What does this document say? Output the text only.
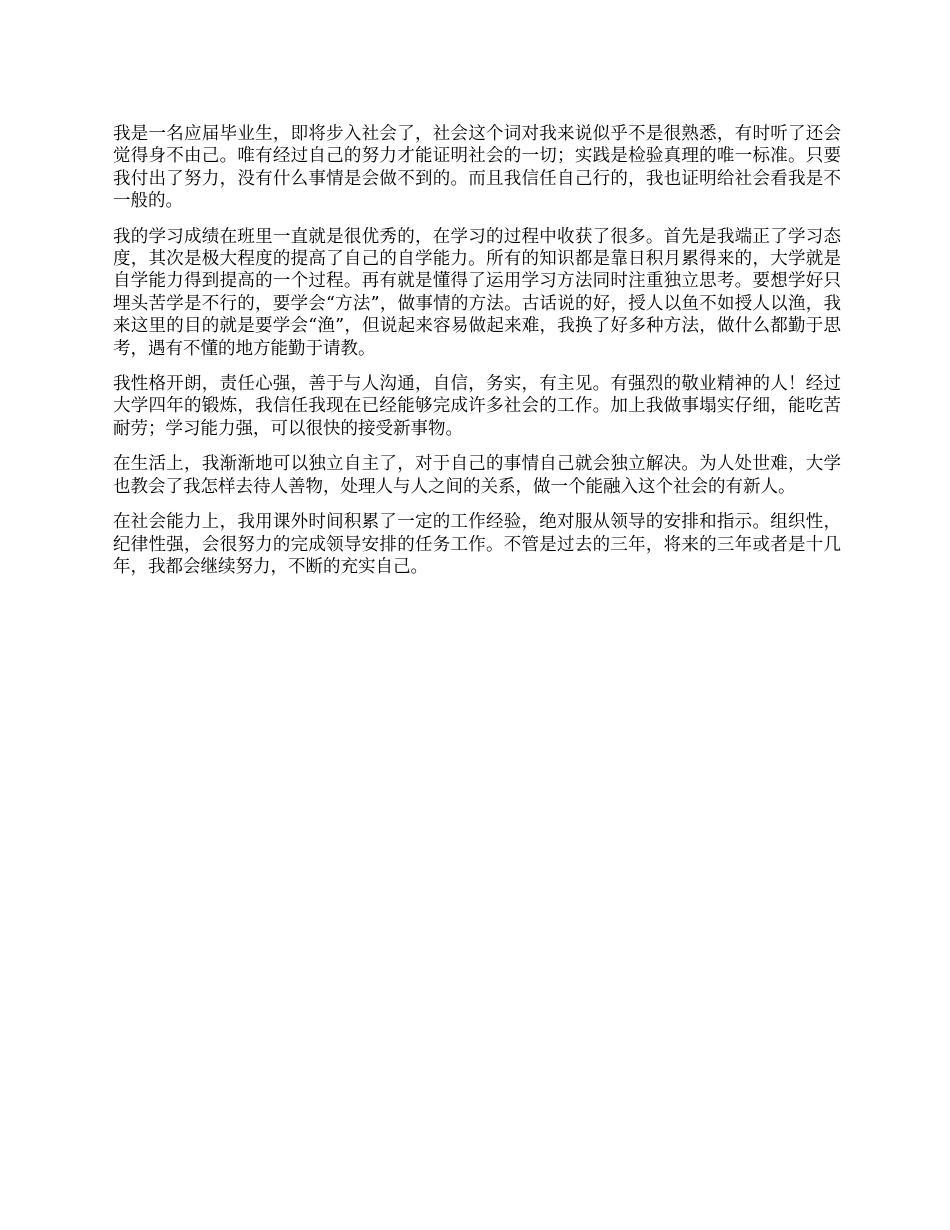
我是一名应届毕业生，即将步入社会了，社会这个词对我来说似乎不是很熟悉，有时听了还会觉得身不由己。唯有经过自己的努力才能证明社会的一切；实践是检验真理的唯一标准。只要我付出了努力，没有什么事情是会做不到的。而且我信任自己行的，我也证明给社会看我是不一般的。

我的学习成绩在班里一直就是很优秀的，在学习的过程中收获了很多。首先是我端正了学习态度，其次是极大程度的提高了自己的自学能力。所有的知识都是靠日积月累得来的，大学就是自学能力得到提高的一个过程。再有就是懂得了运用学习方法同时注重独立思考。要想学好只埋头苦学是不行的，要学会“方法”，做事情的方法。古话说的好，授人以鱼不如授人以渔，我来这里的目的就是要学会“渔”，但说起来容易做起来难，我换了好多种方法，做什么都勤于思考，遇有不懂的地方能勤于请教。

我性格开朗，责任心强，善于与人沟通，自信，务实，有主见。有强烈的敬业精神的人！经过大学四年的锻炼，我信任我现在已经能够完成许多社会的工作。加上我做事塌实仔细，能吃苦耐劳；学习能力强，可以很快的接受新事物。

在生活上，我渐渐地可以独立自主了，对于自己的事情自己就会独立解决。为人处世难，大学也教会了我怎样去待人善物，处理人与人之间的关系，做一个能融入这个社会的有新人。

在社会能力上，我用课外时间积累了一定的工作经验，绝对服从领导的安排和指示。组织性，纪律性强，会很努力的完成领导安排的任务工作。不管是过去的三年，将来的三年或者是十几年，我都会继续努力，不断的充实自己。
